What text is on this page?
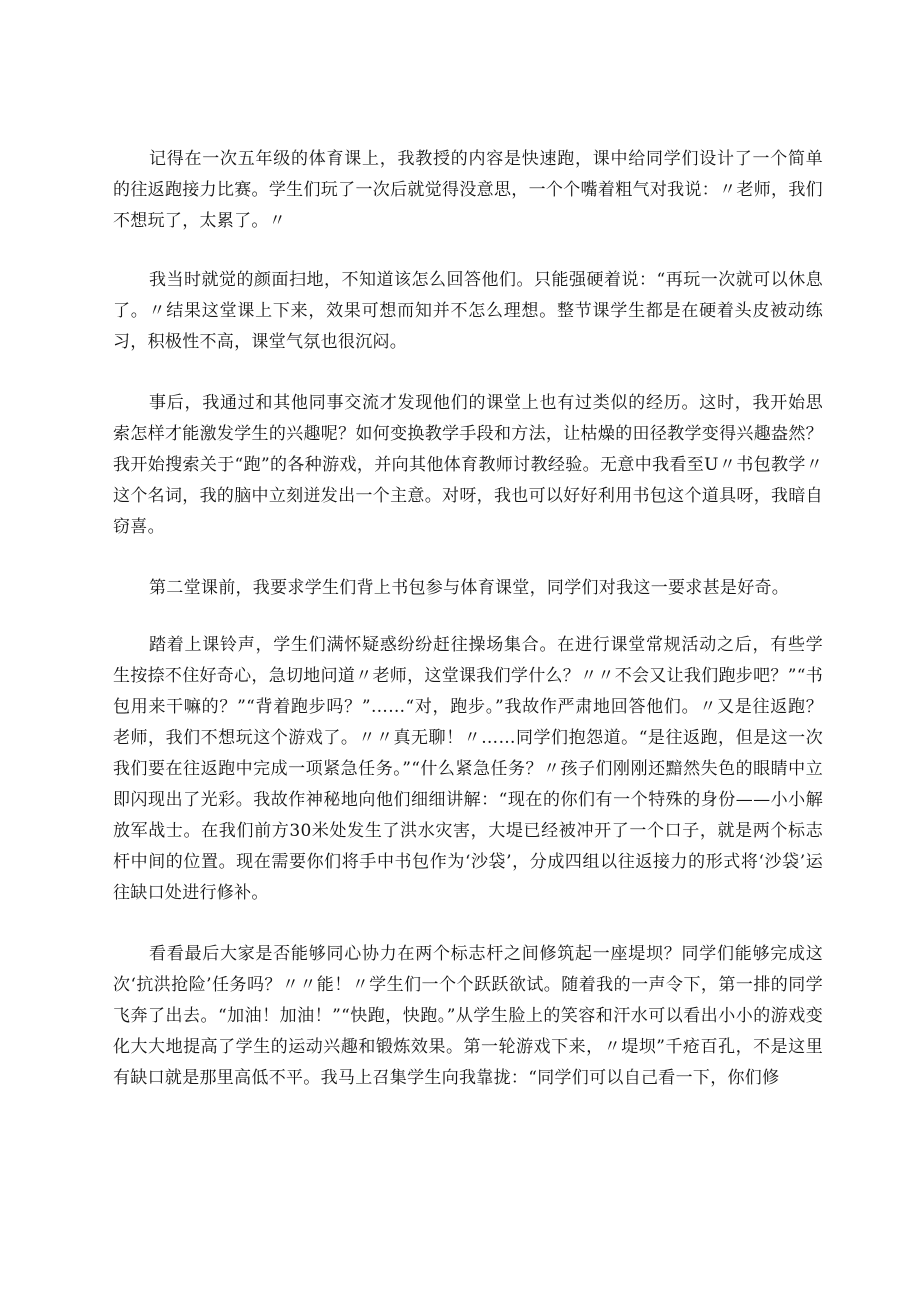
记得在一次五年级的体育课上，我教授的内容是快速跑，课中给同学们设计了一个简单的往返跑接力比赛。学生们玩了一次后就觉得没意思，一个个嘴着粗气对我说：〃老师，我们不想玩了，太累了。〃

我当时就觉的颜面扫地，不知道该怎么回答他们。只能强硬着说：“再玩一次就可以休息了。〃结果这堂课上下来，效果可想而知并不怎么理想。整节课学生都是在硬着头皮被动练习，积极性不高，课堂气氛也很沉闷。

事后，我通过和其他同事交流才发现他们的课堂上也有过类似的经历。这时，我开始思索怎样才能激发学生的兴趣呢？如何变换教学手段和方法，让枯燥的田径教学变得兴趣盎然？我开始搜索关于“跑”的各种游戏，并向其他体育教师讨教经验。无意中我看至U〃书包教学〃这个名词，我的脑中立刻迸发出一个主意。对呀，我也可以好好利用书包这个道具呀，我暗自窃喜。

第二堂课前，我要求学生们背上书包参与体育课堂，同学们对我这一要求甚是好奇。

踏着上课铃声，学生们满怀疑惑纷纷赶往操场集合。在进行课堂常规活动之后，有些学生按捺不住好奇心，急切地问道〃老师，这堂课我们学什么？〃〃不会又让我们跑步吧？”“书包用来干嘛的？”“背着跑步吗？”……“对，跑步。”我故作严肃地回答他们。〃又是往返跑？老师，我们不想玩这个游戏了。〃〃真无聊！〃……同学们抱怨道。“是往返跑，但是这一次我们要在往返跑中完成一项紧急任务。”“什么紧急任务？〃孩子们刚刚还黯然失色的眼睛中立即闪现出了光彩。我故作神秘地向他们细细讲解：“现在的你们有一个特殊的身份——小小解放军战士。在我们前方30米处发生了洪水灾害，大堤已经被冲开了一个口子，就是两个标志杆中间的位置。现在需要你们将手中书包作为‘沙袋’，分成四组以往返接力的形式将‘沙袋’运往缺口处进行修补。

看看最后大家是否能够同心协力在两个标志杆之间修筑起一座堤坝？同学们能够完成这次‘抗洪抢险’任务吗？〃〃能！〃学生们一个个跃跃欲试。随着我的一声令下，第一排的同学飞奔了出去。“加油！加油！”“快跑，快跑。”从学生脸上的笑容和汗水可以看出小小的游戏变化大大地提高了学生的运动兴趣和锻炼效果。第一轮游戏下来，〃堤坝”千疮百孔，不是这里有缺口就是那里高低不平。我马上召集学生向我靠拢：“同学们可以自己看一下，你们修
